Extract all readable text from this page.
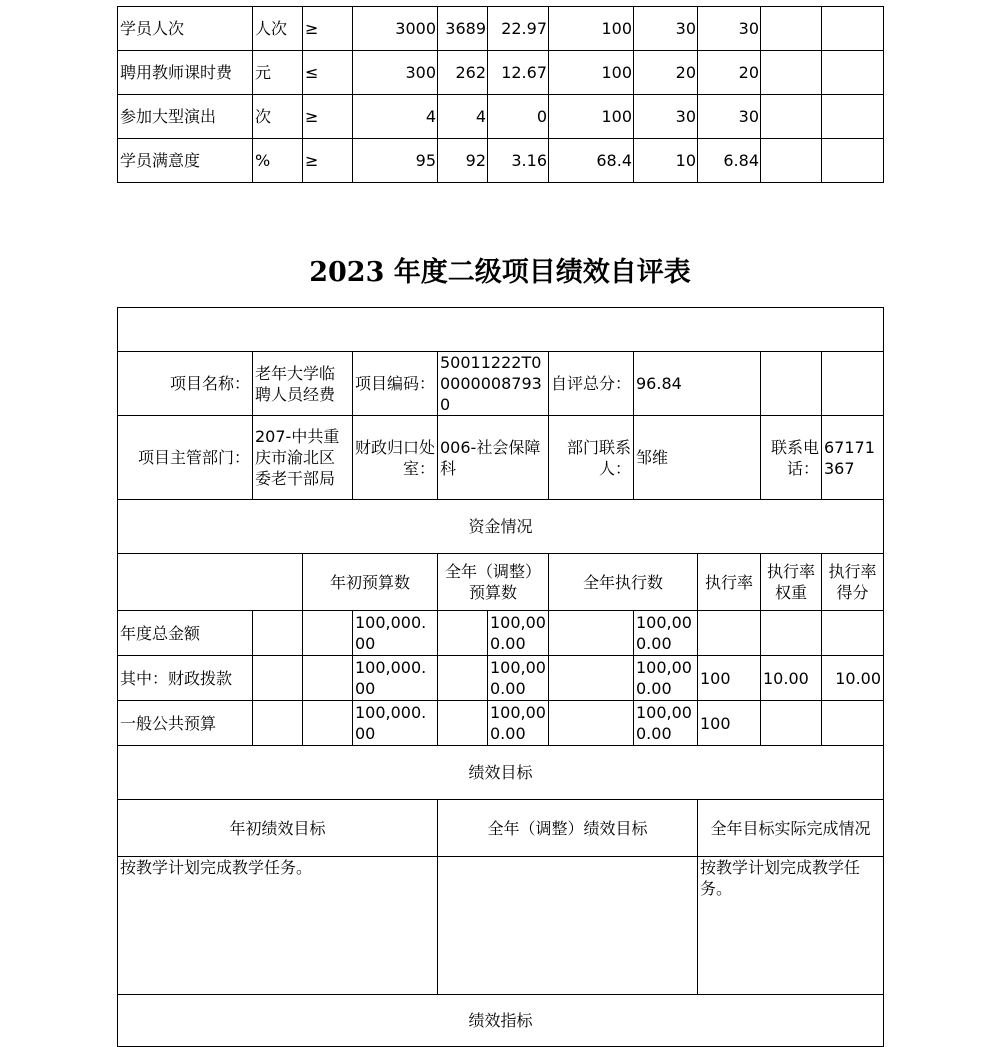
学员人次	人次	≥	3000	3689	22.97	100	30	30		
聘用教师课时费	元	≤	300	262	12.67	100	20	20		
参加大型演出	次	≥	4	4	0	100	30	30		
学员满意度	%	≥	95	92	3.16	68.4	10	6.84		
2023 年度二级项目绩效自评表

项目名称：	老年大学临聘人员经费		项目编码：	50011222T000000087930		自评总分：	96.84			
项目主管部门：	207-中共重庆市渝北区委老干部局		财政归口处室：	006-社会保障科		部门联系人：	邹维		联系电话：	67171367
资金情况										
		年初预算数		全年（调整）预算数		全年执行数		执行率	执行率权重	执行率得分
年度总金额			100,000.00		100,000.00		100,000.00			
其中：财政拨款			100,000.00		100,000.00		100,000.00	100	10.00	10.00
一般公共预算			100,000.00		100,000.00		100,000.00	100		
绩效目标										
年初绩效目标				全年（调整）绩效目标				全年目标实际完成情况		
按教学计划完成教学任务。								按教学计划完成教学任务。		
绩效指标										
